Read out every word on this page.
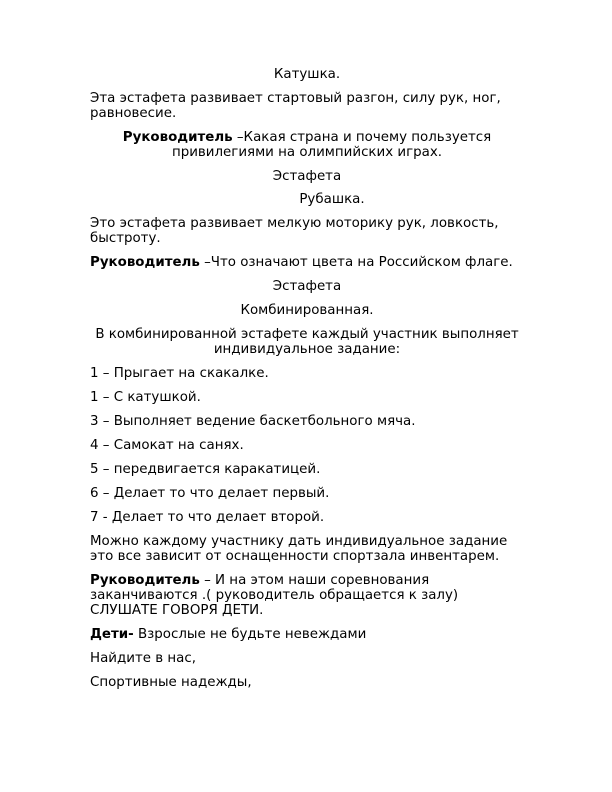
Катушка.

Эта эстафета развивает стартовый разгон, силу рук, ног, равновесие.

Руководитель –Какая страна и почему пользуется привилегиями на олимпийских играх.

Эстафета

Рубашка.

Это эстафета развивает мелкую моторику рук, ловкость, быстроту.

Руководитель –Что означают цвета на Российском флаге.

Эстафета

Комбинированная.

В комбинированной эстафете каждый участник выполняет индивидуальное задание:

1 – Прыгает на скакалке.

1 – С катушкой.

3 – Выполняет ведение баскетбольного мяча.

4 – Самокат на санях.

5 – передвигается каракатицей.

6 – Делает то что делает первый.

7 - Делает то что делает второй.

Можно каждому участнику дать индивидуальное задание это все зависит от оснащенности спортзала инвентарем.

Руководитель – И на этом наши соревнования заканчиваются .( руководитель обращается к залу) СЛУШАТЕ ГОВОРЯ ДЕТИ.

Дети- Взрослые не будьте невеждами

Найдите в нас,

Спортивные надежды,
